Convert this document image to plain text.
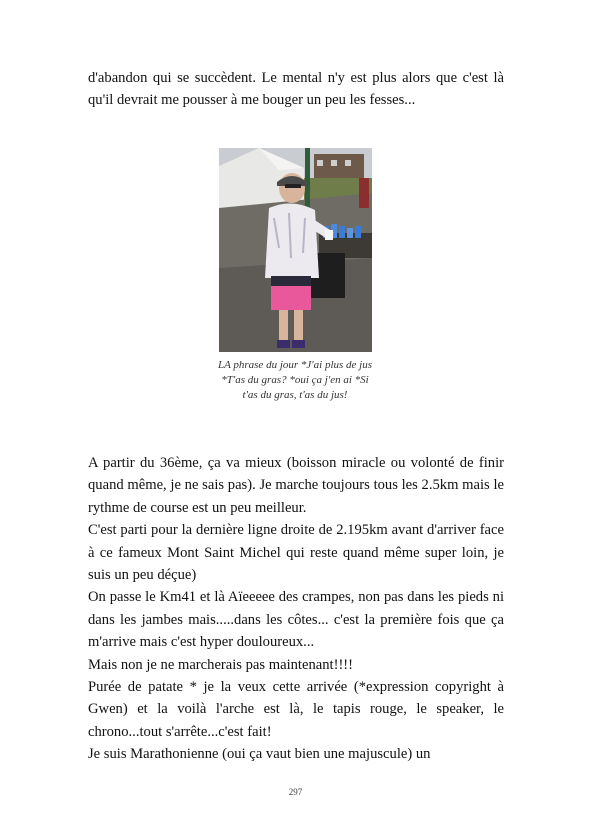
d'abandon qui se succèdent. Le mental n'y est plus alors que c'est là qu'il devrait me pousser à me bouger un peu les fesses...

LA phrase du jour *J'ai plus de jus *T'as du gras? *oui ça j'en ai *Si t'as du gras, t'as du jus!

A partir du 36ème, ça va mieux (boisson miracle ou volonté de finir quand même, je ne sais pas). Je marche toujours tous les 2.5km mais le rythme de course est un peu meilleur.

C'est parti pour la dernière ligne droite de 2.195km avant d'arriver face à ce fameux Mont Saint Michel qui reste quand même super loin, je suis un peu déçue)

On passe le Km41 et là Aïeeeee des crampes, non pas dans les pieds ni dans les jambes mais.....dans les côtes... c'est la première fois que ça m'arrive mais c'est hyper douloureux...

Mais non je ne marcherais pas maintenant!!!!

Purée de patate * je la veux cette arrivée (*expression copyright à Gwen) et la voilà l'arche est là, le tapis rouge, le speaker, le chrono...tout s'arrête...c'est fait!

Je suis Marathonienne (oui ça vaut bien une majuscule) un

297
